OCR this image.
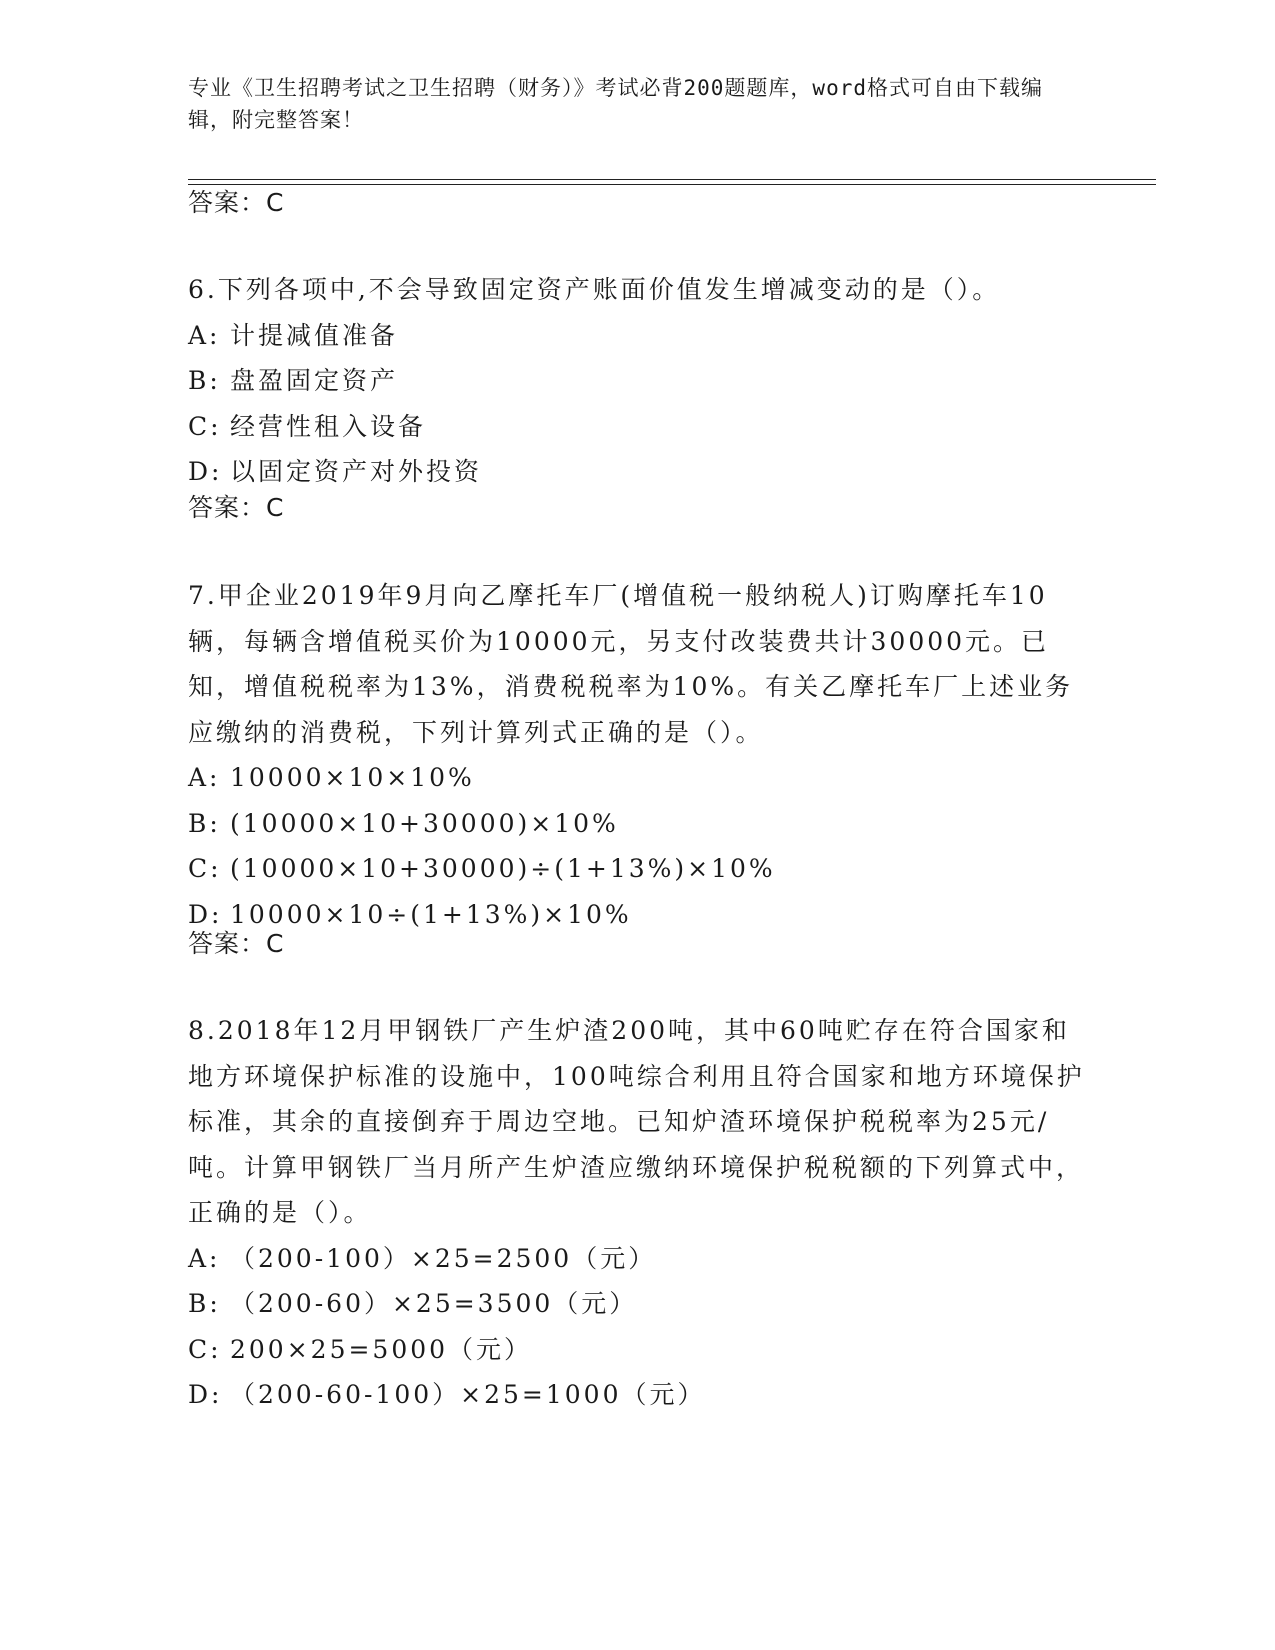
专业《卫生招聘考试之卫生招聘（财务）》考试必背200题题库，word格式可自由下载编辑，附完整答案！
答案：C
6.下列各项中,不会导致固定资产账面价值发生增减变动的是（）。
A: 计提减值准备
B: 盘盈固定资产
C: 经营性租入设备
D: 以固定资产对外投资
答案：C
7.甲企业2019年9月向乙摩托车厂(增值税一般纳税人)订购摩托车10辆，每辆含增值税买价为10000元，另支付改装费共计30000元。已知，增值税税率为13%，消费税税率为10%。有关乙摩托车厂上述业务应缴纳的消费税，下列计算列式正确的是（）。
A: 10000×10×10%
B: (10000×10+30000)×10%
C: (10000×10+30000)÷(1+13%)×10%
D: 10000×10÷(1+13%)×10%
答案：C
8.2018年12月甲钢铁厂产生炉渣200吨，其中60吨贮存在符合国家和地方环境保护标准的设施中，100吨综合利用且符合国家和地方环境保护标准，其余的直接倒弃于周边空地。已知炉渣环境保护税税率为25元/吨。计算甲钢铁厂当月所产生炉渣应缴纳环境保护税税额的下列算式中，正确的是（）。
A: （200-100）×25=2500（元）
B: （200-60）×25=3500（元）
C: 200×25=5000（元）
D: （200-60-100）×25=1000（元）
